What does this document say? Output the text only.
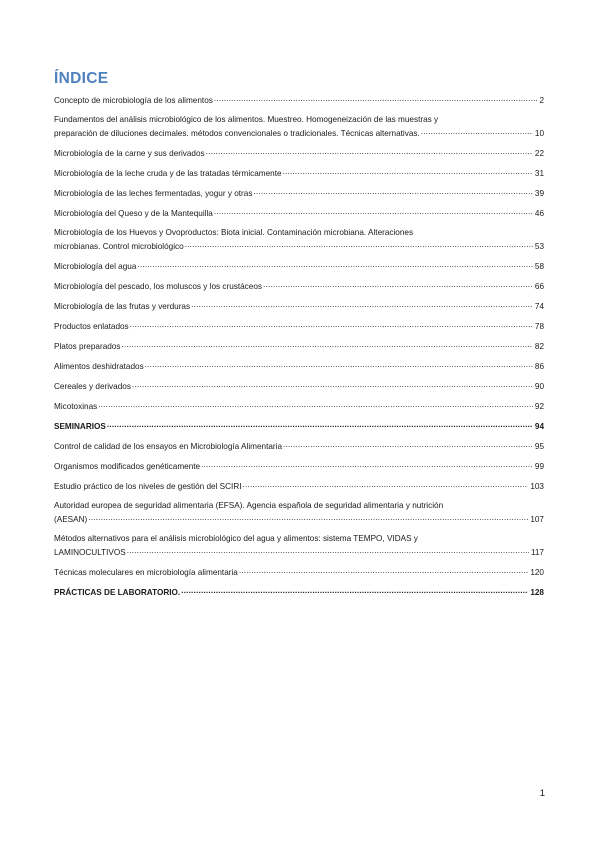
ÍNDICE
Concepto de microbiología de los alimentos .....	2
Fundamentos del análisis microbiológico de los alimentos. Muestreo. Homogeneización de las muestras y
preparación de diluciones decimales. métodos convencionales o tradicionales. Técnicas alternativas. .....	10
Microbiología de la carne y sus derivados .....	22
Microbiología de la leche cruda y de las tratadas térmicamente .....	31
Microbiología de las leches fermentadas, yogur y otras .....	39
Microbiología del Queso y de la Mantequilla .....	46
Microbiología de los Huevos y Ovoproductos: Biota inicial. Contaminación microbiana. Alteraciones
microbianas. Control microbiológico .....	53
Microbiología del agua .....	58
Microbiología del pescado, los moluscos y los crustáceos .....	66
Microbiología de las frutas y verduras .....	74
Productos enlatados .....	78
Platos preparados .....	82
Alimentos deshidratados .....	86
Cereales y derivados .....	90
Micotoxinas .....	92
SEMINARIOS .....	94
Control de calidad de los ensayos en Microbiología Alimentaria .....	95
Organismos modificados genéticamente .....	99
Estudio práctico de los niveles de gestión del SCIRI .....	103
Autoridad europea de seguridad alimentaria (EFSA). Agencia española de seguridad alimentaria y nutrición
(AESAN) .....	107
Métodos alternativos para el análisis microbiológico del agua y alimentos: sistema TEMPO, VIDAS y
LAMINOCULTIVOS .....	117
Técnicas moleculares en microbiología alimentaria .....	120
PRÁCTICAS DE LABORATORIO. .....	128
1
